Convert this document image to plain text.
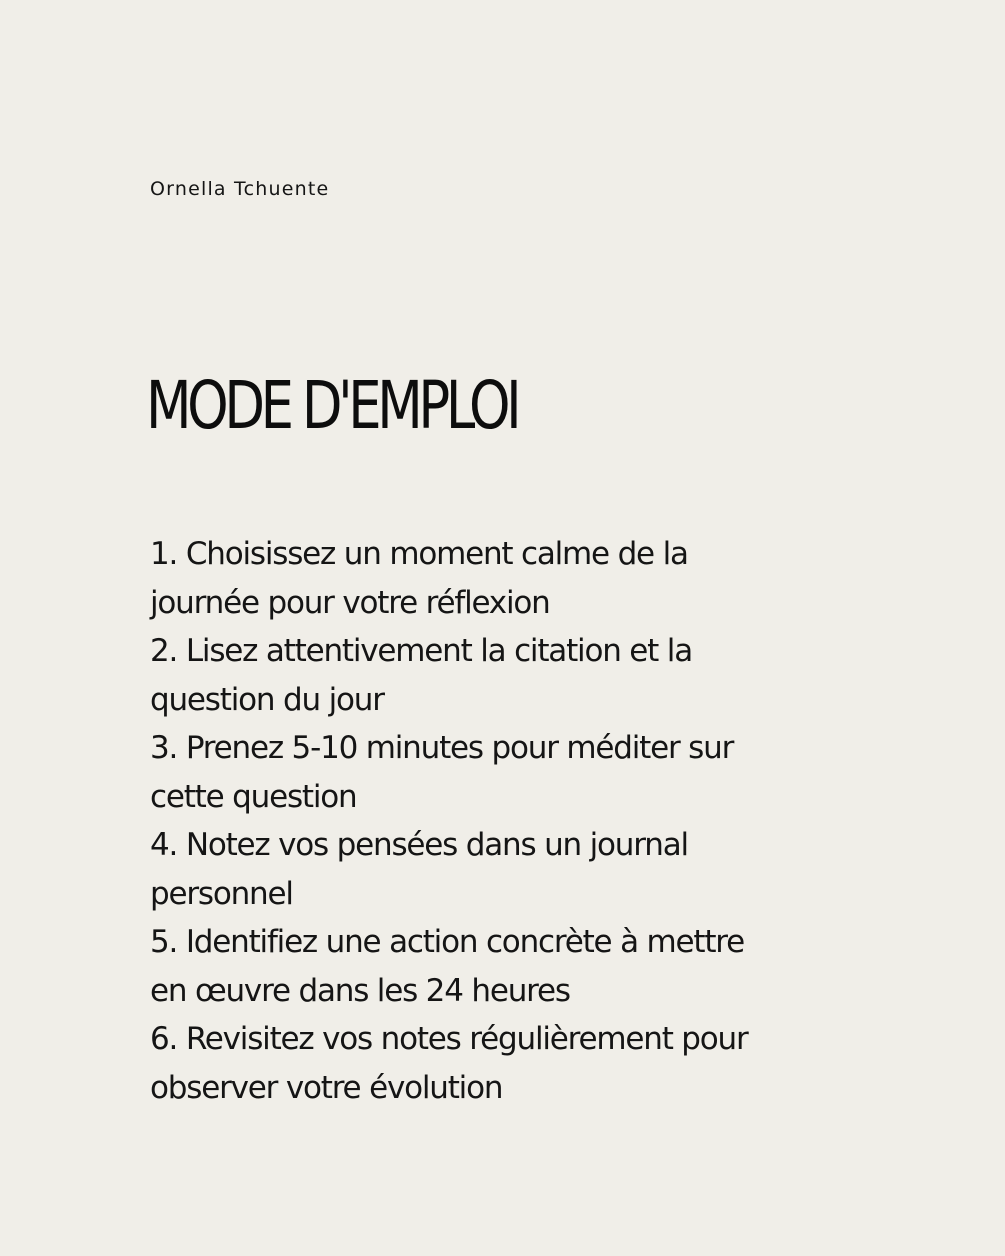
Ornella Tchuente
MODE D'EMPLOI
1. Choisissez un moment calme de la
journée pour votre réflexion
2. Lisez attentivement la citation et la
question du jour
3. Prenez 5-10 minutes pour méditer sur
cette question
4. Notez vos pensées dans un journal
personnel
5. Identifiez une action concrète à mettre
en œuvre dans les 24 heures
6. Revisitez vos notes régulièrement pour
observer votre évolution
